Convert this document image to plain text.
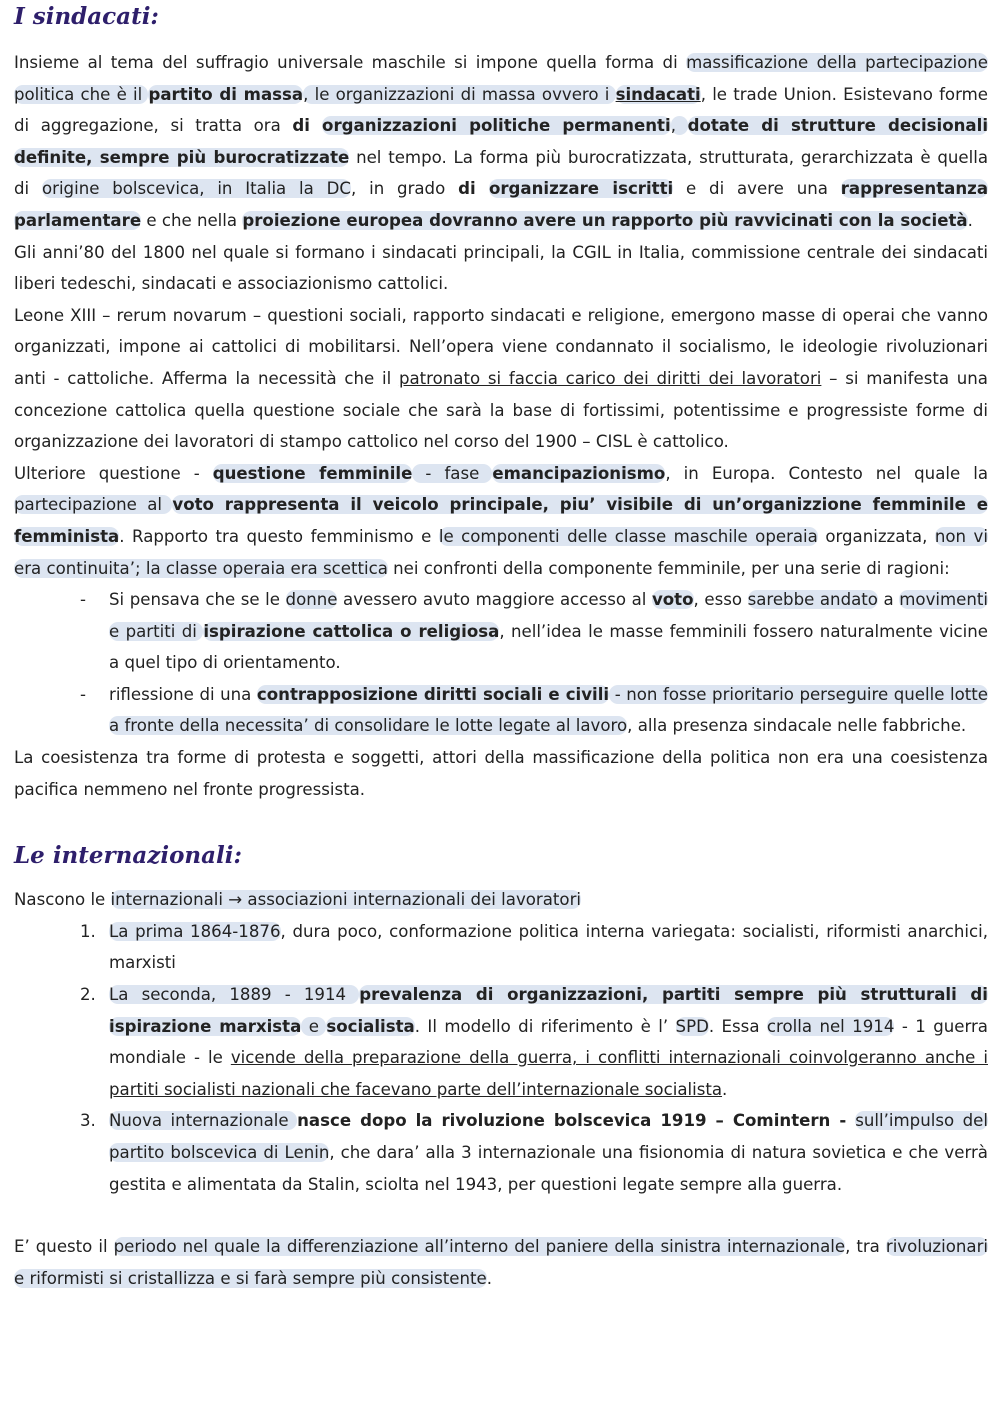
I sindacati:

Insieme al tema del suffragio universale maschile si impone quella forma di massificazione della partecipazione politica che è il partito di massa, le organizzazioni di massa ovvero i sindacati, le trade Union. Esistevano forme di aggregazione, si tratta ora di organizzazioni politiche permanenti, dotate di strutture decisionali definite, sempre più burocratizzate nel tempo. La forma più burocratizzata, strutturata, gerarchizzata è quella di origine bolscevica, in Italia la DC, in grado di organizzare iscritti e di avere una rappresentanza parlamentare e che nella proiezione europea dovranno avere un rapporto più ravvicinati con la società.

Gli anni’80 del 1800 nel quale si formano i sindacati principali, la CGIL in Italia, commissione centrale dei sindacati liberi tedeschi, sindacati e associazionismo cattolici.

Leone XIII – rerum novarum – questioni sociali, rapporto sindacati e religione, emergono masse di operai che vanno organizzati, impone ai cattolici di mobilitarsi. Nell’opera viene condannato il socialismo, le ideologie rivoluzionari anti - cattoliche. Afferma la necessità che il patronato si faccia carico dei diritti dei lavoratori – si manifesta una concezione cattolica quella questione sociale che sarà la base di fortissimi, potentissime e progressiste forme di organizzazione dei lavoratori di stampo cattolico nel corso del 1900 – CISL è cattolico.

Ulteriore questione - questione femminile - fase emancipazionismo, in Europa. Contesto nel quale la partecipazione al voto rappresenta il veicolo principale, piu’ visibile di un’organizzione femminile e femminista. Rapporto tra questo femminismo e le componenti delle classe maschile operaia organizzata, non vi era continuita’; la classe operaia era scettica nei confronti della componente femminile, per una serie di ragioni:

- Si pensava che se le donne avessero avuto maggiore accesso al voto, esso sarebbe andato a movimenti e partiti di ispirazione cattolica o religiosa, nell’idea le masse femminili fossero naturalmente vicine a quel tipo di orientamento.
- riflessione di una contrapposizione diritti sociali e civili - non fosse prioritario perseguire quelle lotte a fronte della necessita’ di consolidare le lotte legate al lavoro, alla presenza sindacale nelle fabbriche.

La coesistenza tra forme di protesta e soggetti, attori della massificazione della politica non era una coesistenza pacifica nemmeno nel fronte progressista.

Le internazionali:

Nascono le internazionali → associazioni internazionali dei lavoratori

1. La prima 1864-1876, dura poco, conformazione politica interna variegata: socialisti, riformisti anarchici, marxisti
2. La seconda, 1889 - 1914 prevalenza di organizzazioni, partiti sempre più strutturali di ispirazione marxista e socialista. Il modello di riferimento è l’ SPD. Essa crolla nel 1914 - 1 guerra mondiale - le vicende della preparazione della guerra, i conflitti internazionali coinvolgeranno anche i partiti socialisti nazionali che facevano parte dell’internazionale socialista.
3. Nuova internazionale nasce dopo la rivoluzione bolscevica 1919 – Comintern - sull’impulso del partito bolscevica di Lenin, che dara’ alla 3 internazionale una fisionomia di natura sovietica e che verrà gestita e alimentata da Stalin, sciolta nel 1943, per questioni legate sempre alla guerra.

E’ questo il periodo nel quale la differenziazione all’interno del paniere della sinistra internazionale, tra rivoluzionari e riformisti si cristallizza e si farà sempre più consistente.
